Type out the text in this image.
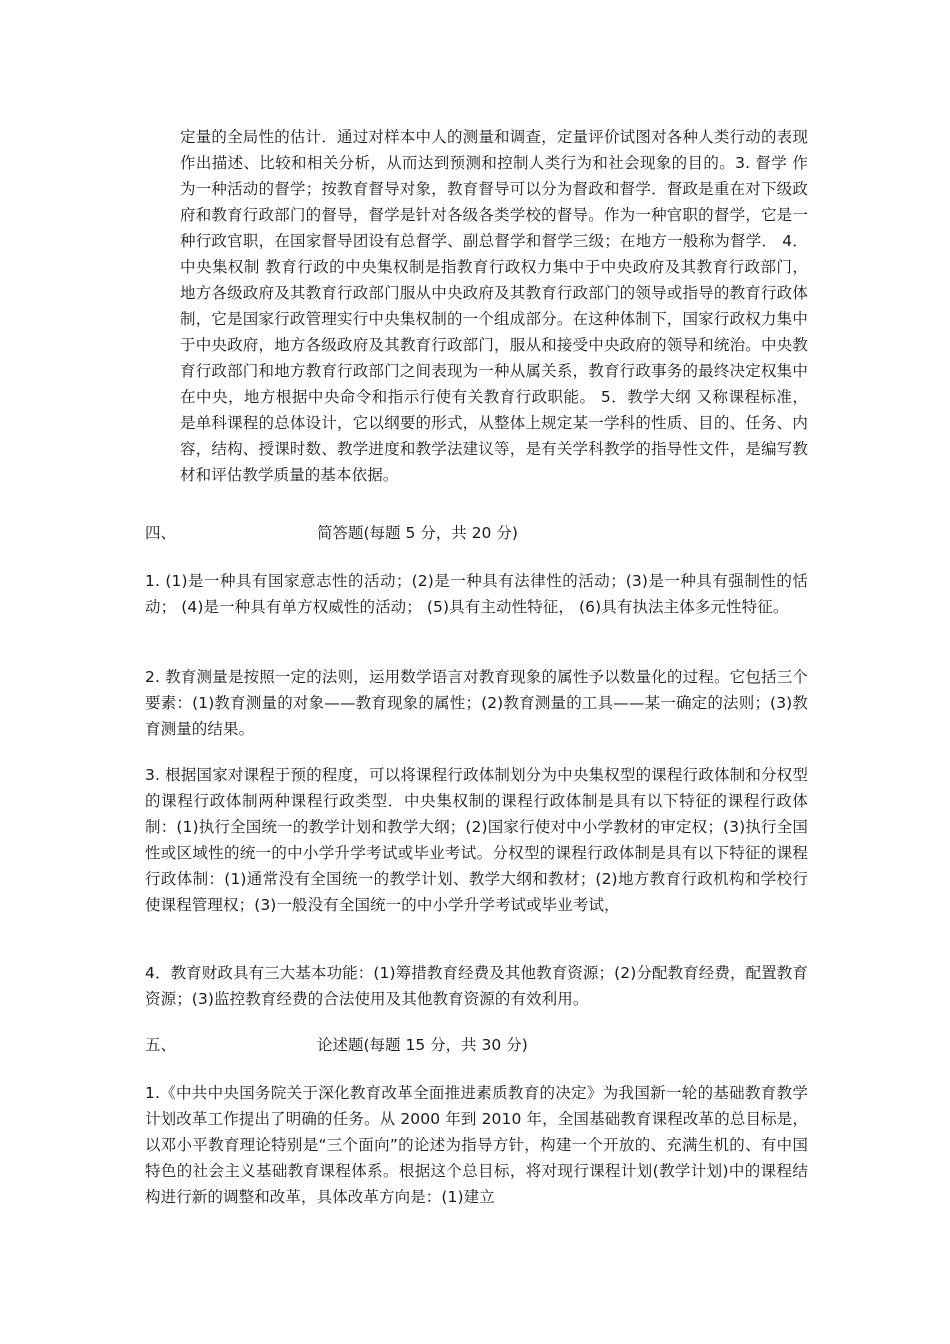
定量的全局性的估计．通过对样本中人的测量和调查，定量评价试图对各种人类行动的表现作出描述、比较和相关分析，从而达到预测和控制人类行为和社会现象的目的。3. 督学 作为一种活动的督学；按教育督导对象，教育督导可以分为督政和督学．督政是重在对下级政府和教育行政部门的督导，督学是针对各级各类学校的督导。作为一种官职的督学，它是一种行政官职，在国家督导团设有总督学、副总督学和督学三级；在地方一般称为督学． 4．中央集权制 教育行政的中央集权制是指教育行政权力集中于中央政府及其教育行政部门，地方各级政府及其教育行政部门服从中央政府及其教育行政部门的领导或指导的教育行政体制，它是国家行政管理实行中央集权制的一个组成部分。在这种体制下，国家行政权力集中于中央政府，地方各级政府及其教育行政部门，服从和接受中央政府的领导和统治。中央教育行政部门和地方教育行政部门之间表现为一种从属关系，教育行政事务的最终决定权集中在中央，地方根据中央命令和指示行使有关教育行政职能。 5．教学大纲 又称课程标准，是单科课程的总体设计，它以纲要的形式，从整体上规定某一学科的性质、目的、任务、内容，结构、授课时数、教学进度和教学法建议等，是有关学科教学的指导性文件，是编写教材和评估教学质量的基本依据。

四、	简答题(每题 5 分，共 20 分)

1. (1)是一种具有国家意志性的活动；(2)是一种具有法律性的活动；(3)是一种具有强制性的恬动； (4)是一种具有单方权威性的活动； (5)具有主动性特征， (6)具有执法主体多元性特征。

2. 教育测量是按照一定的法则，运用数学语言对教育现象的属性予以数量化的过程。它包括三个要素：(1)教育测量的对象——教育现象的属性；(2)教育测量的工具——某一确定的法则；(3)教育测量的结果。

3. 根据国家对课程于预的程度，可以将课程行政体制划分为中央集权型的课程行政体制和分权型的课程行政体制两种课程行政类型．中央集权制的课程行政体制是具有以下特征的课程行政体制：(1)执行全国统一的教学计划和教学大纲；(2)国家行使对中小学教材的审定权；(3)执行全国性或区域性的统一的中小学升学考试或毕业考试。分权型的课程行政体制是具有以下特征的课程行政体制：(1)通常没有全国统一的教学计划、教学大纲和教材；(2)地方教育行政机构和学校行使课程管理权；(3)一般没有全国统一的中小学升学考试或毕业考试，

4．教育财政具有三大基本功能：(1)筹措教育经费及其他教育资源；(2)分配教育经费，配置教育资源；(3)监控教育经费的合法使用及其他教育资源的有效利用。

五、	论述题(每题 15 分，共 30 分)

1.《中共中央国务院关于深化教育改革全面推进素质教育的决定》为我国新一轮的基础教育教学计划改革工作提出了明确的任务。从 2000 年到 2010 年，全国基础教育课程改革的总目标是，以邓小平教育理论特别是“三个面向”的论述为指导方针，构建一个开放的、充满生机的、有中国特色的社会主义基础教育课程体系。根据这个总目标，将对现行课程计划(教学计划)中的课程结构进行新的调整和改革，具体改革方向是：(1)建立
